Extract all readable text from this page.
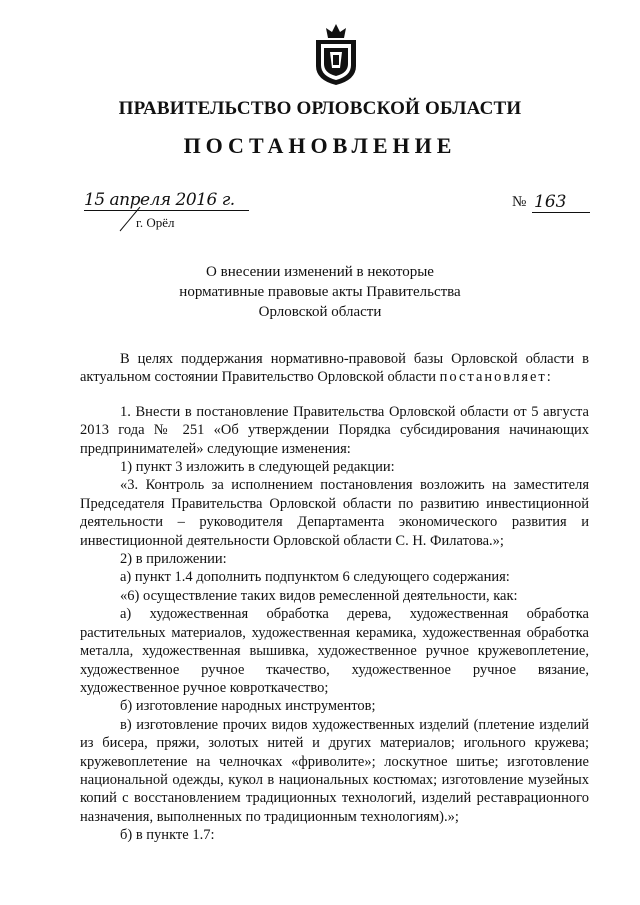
ПРАВИТЕЛЬСТВО ОРЛОВСКОЙ ОБЛАСТИ
ПОСТАНОВЛЕНИЕ
15 апреля 2016 г.
г. Орёл
№ 163
О внесении изменений в некоторые
нормативные правовые акты Правительства
Орловской области

В целях поддержания нормативно-правовой базы Орловской области в актуальном состоянии Правительство Орловской области постановляет:

1. Внести в постановление Правительства Орловской области от 5 августа 2013 года № 251 «Об утверждении Порядка субсидирования начинающих предпринимателей» следующие изменения:

1) пункт 3 изложить в следующей редакции:

«3. Контроль за исполнением постановления возложить на заместителя Председателя Правительства Орловской области по развитию инвестиционной деятельности – руководителя Департамента экономического развития и инвестиционной деятельности Орловской области С. Н. Филатова.»;

2) в приложении:

а) пункт 1.4 дополнить подпунктом 6 следующего содержания:

«6) осуществление таких видов ремесленной деятельности, как:

а) художественная обработка дерева, художественная обработка растительных материалов, художественная керамика, художественная обработка металла, художественная вышивка, художественное ручное кружевоплетение, художественное ручное ткачество, художественное ручное вязание, художественное ручное ковроткачество;

б) изготовление народных инструментов;

в) изготовление прочих видов художественных изделий (плетение изделий из бисера, пряжи, золотых нитей и других материалов; игольного кружева; кружевоплетение на челночках «фриволите»; лоскутное шитье; изготовление национальной одежды, кукол в национальных костюмах; изготовление музейных копий с восстановлением традиционных технологий, изделий реставрационного назначения, выполненных по традиционным технологиям).»;

б) в пункте 1.7:
